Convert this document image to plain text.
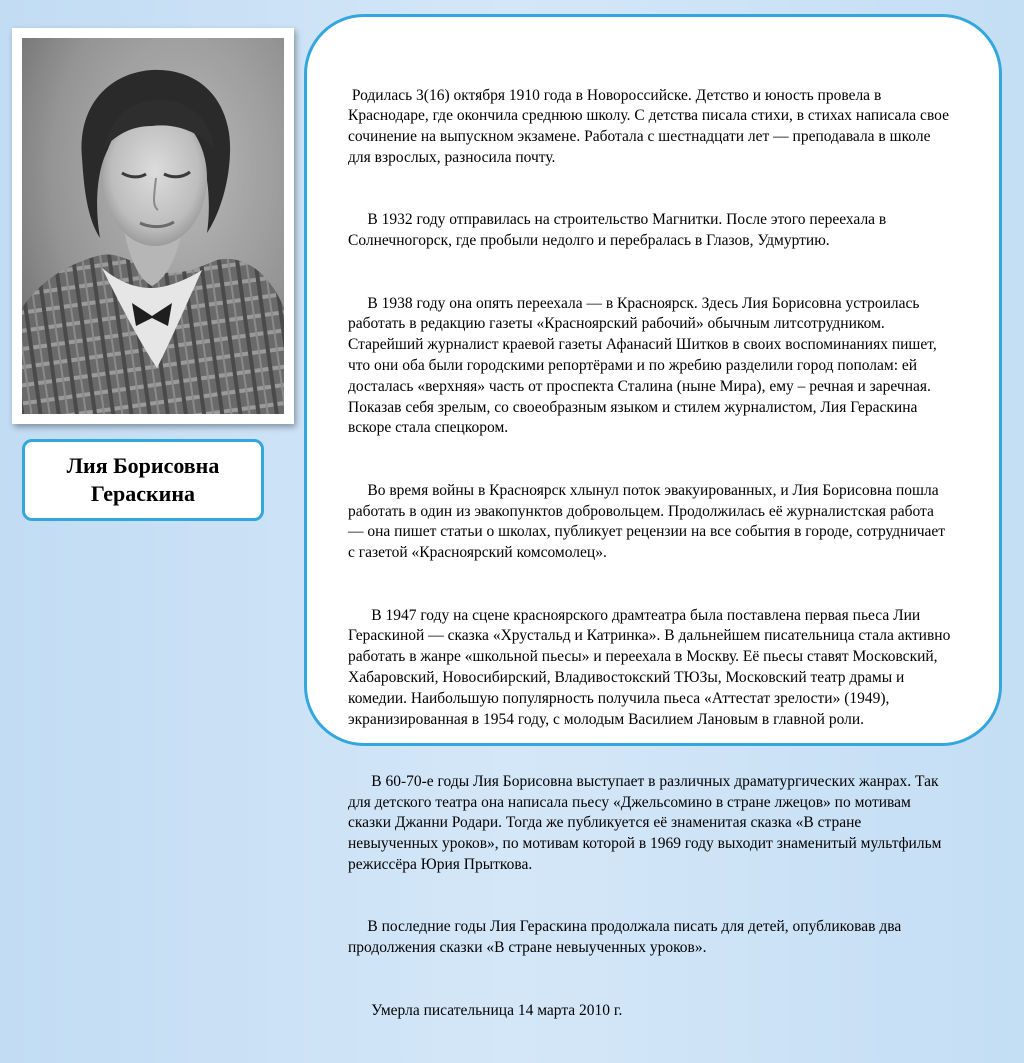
Лия Борисовна
Гераскина

Родилась 3(16) октября 1910 года в Новороссийске. Детство и юность провела в Краснодаре, где окончила среднюю школу. С детства писала стихи, в стихах написала свое сочинение на выпускном экзамене. Работала с шестнадцати лет — преподавала в школе для взрослых, разносила почту.

В 1932 году отправилась на строительство Магнитки. После этого переехала в Солнечногорск, где пробыли недолго и перебралась в Глазов, Удмуртию.

В 1938 году она опять переехала — в Красноярск. Здесь Лия Борисовна устроилась работать в редакцию газеты «Красноярский рабочий» обычным литсотрудником. Старейший журналист краевой газеты Афанасий Шитков в своих воспоминаниях пишет, что они оба были городскими репортёрами и по жребию разделили город пополам: ей досталась «верхняя» часть от проспекта Сталина (ныне Мира), ему – речная и заречная. Показав себя зрелым, со своеобразным языком и стилем журналистом, Лия Гераскина вскоре стала спецкором.

Во время войны в Красноярск хлынул поток эвакуированных, и Лия Борисовна пошла работать в один из эвакопунктов добровольцем. Продолжилась её журналистская работа — она пишет статьи о школах, публикует рецензии на все события в городе, сотрудничает с газетой «Красноярский комсомолец».

В 1947 году на сцене красноярского драмтеатра была поставлена первая пьеса Лии Гераскиной — сказка «Хрустальд и Катринка». В дальнейшем писательница стала активно работать в жанре «школьной пьесы» и переехала в Москву. Её пьесы ставят Московский, Хабаровский, Новосибирский, Владивостокский ТЮЗы, Московский театр драмы и комедии. Наибольшую популярность получила пьеса «Аттестат зрелости» (1949), экранизированная в 1954 году, с молодым Василием Лановым в главной роли.

В 60-70-е годы Лия Борисовна выступает в различных драматургических жанрах. Так для детского театра она написала пьесу «Джельсомино в стране лжецов» по мотивам сказки Джанни Родари. Тогда же публикуется её знаменитая сказка «В стране невыученных уроков», по мотивам которой в 1969 году выходит знаменитый мультфильм режиссёра Юрия Прыткова.

В последние годы Лия Гераскина продолжала писать для детей, опубликовав два продолжения сказки «В стране невыученных уроков».

Умерла писательница 14 марта 2010 г.
